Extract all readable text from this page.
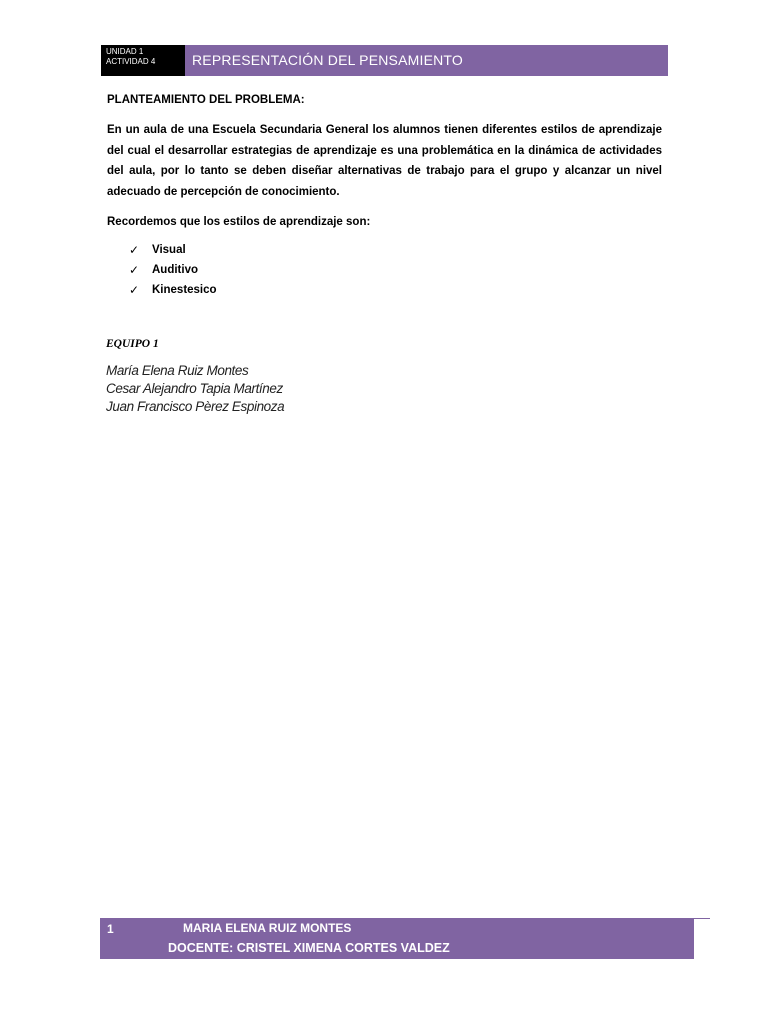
UNIDAD 1
ACTIVIDAD 4	REPRESENTACIÓN DEL PENSAMIENTO
PLANTEAMIENTO DEL PROBLEMA:
En un aula de una Escuela Secundaria General los alumnos tienen diferentes estilos de aprendizaje del cual el desarrollar estrategias de aprendizaje es una problemática en la dinámica de actividades del aula, por lo tanto se deben diseñar alternativas de trabajo para el grupo y alcanzar un nivel adecuado de percepción de conocimiento.
Recordemos que los estilos de aprendizaje son:
✓	Visual
✓	Auditivo
✓	Kinestesico
EQUIPO 1
María Elena Ruiz Montes
Cesar Alejandro Tapia Martínez
Juan Francisco Pèrez Espinoza
1	MARIA ELENA RUIZ MONTES
DOCENTE: CRISTEL XIMENA CORTES VALDEZ
